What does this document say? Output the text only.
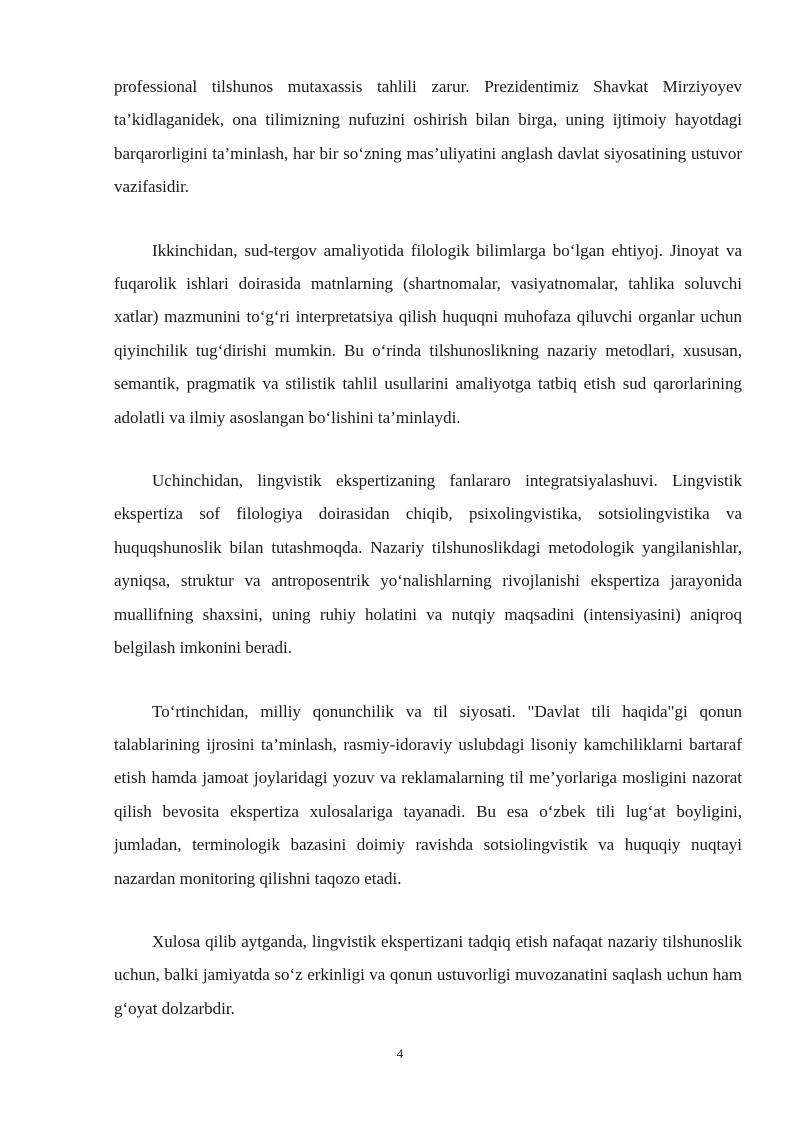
professional tilshunos mutaxassis tahlili zarur. Prezidentimiz Shavkat Mirziyoyev ta’kidlaganidek, ona tilimizning nufuzini oshirish bilan birga, uning ijtimoiy hayotdagi barqarorligini ta’minlash, har bir so‘zning mas’uliyatini anglash davlat siyosatining ustuvor vazifasidir.

Ikkinchidan, sud-tergov amaliyotida filologik bilimlarga bo‘lgan ehtiyoj. Jinoyat va fuqarolik ishlari doirasida matnlarning (shartnomalar, vasiyatnomalar, tahlika soluvchi xatlar) mazmunini to‘g‘ri interpretatsiya qilish huquqni muhofaza qiluvchi organlar uchun qiyinchilik tug‘dirishi mumkin. Bu o‘rinda tilshunoslikning nazariy metodlari, xususan, semantik, pragmatik va stilistik tahlil usullarini amaliyotga tatbiq etish sud qarorlarining adolatli va ilmiy asoslangan bo‘lishini ta’minlaydi.

Uchinchidan, lingvistik ekspertizaning fanlararo integratsiyalashuvi. Lingvistik ekspertiza sof filologiya doirasidan chiqib, psixolingvistika, sotsiolingvistika va huquqshunoslik bilan tutashmoqda. Nazariy tilshunoslikdagi metodologik yangilanishlar, ayniqsa, struktur va antroposentrik yo‘nalishlarning rivojlanishi ekspertiza jarayonida muallifning shaxsini, uning ruhiy holatini va nutqiy maqsadini (intensiyasini) aniqroq belgilash imkonini beradi.

To‘rtinchidan, milliy qonunchilik va til siyosati. "Davlat tili haqida"gi qonun talablarining ijrosini ta’minlash, rasmiy-idoraviy uslubdagi lisoniy kamchiliklarni bartaraf etish hamda jamoat joylaridagi yozuv va reklamalarning til me’yorlariga mosligini nazorat qilish bevosita ekspertiza xulosalariga tayanadi. Bu esa o‘zbek tili lug‘at boyligini, jumladan, terminologik bazasini doimiy ravishda sotsiolingvistik va huquqiy nuqtayi nazardan monitoring qilishni taqozo etadi.

Xulosa qilib aytganda, lingvistik ekspertizani tadqiq etish nafaqat nazariy tilshunoslik uchun, balki jamiyatda so‘z erkinligi va qonun ustuvorligi muvozanatini saqlash uchun ham g‘oyat dolzarbdir.

4
